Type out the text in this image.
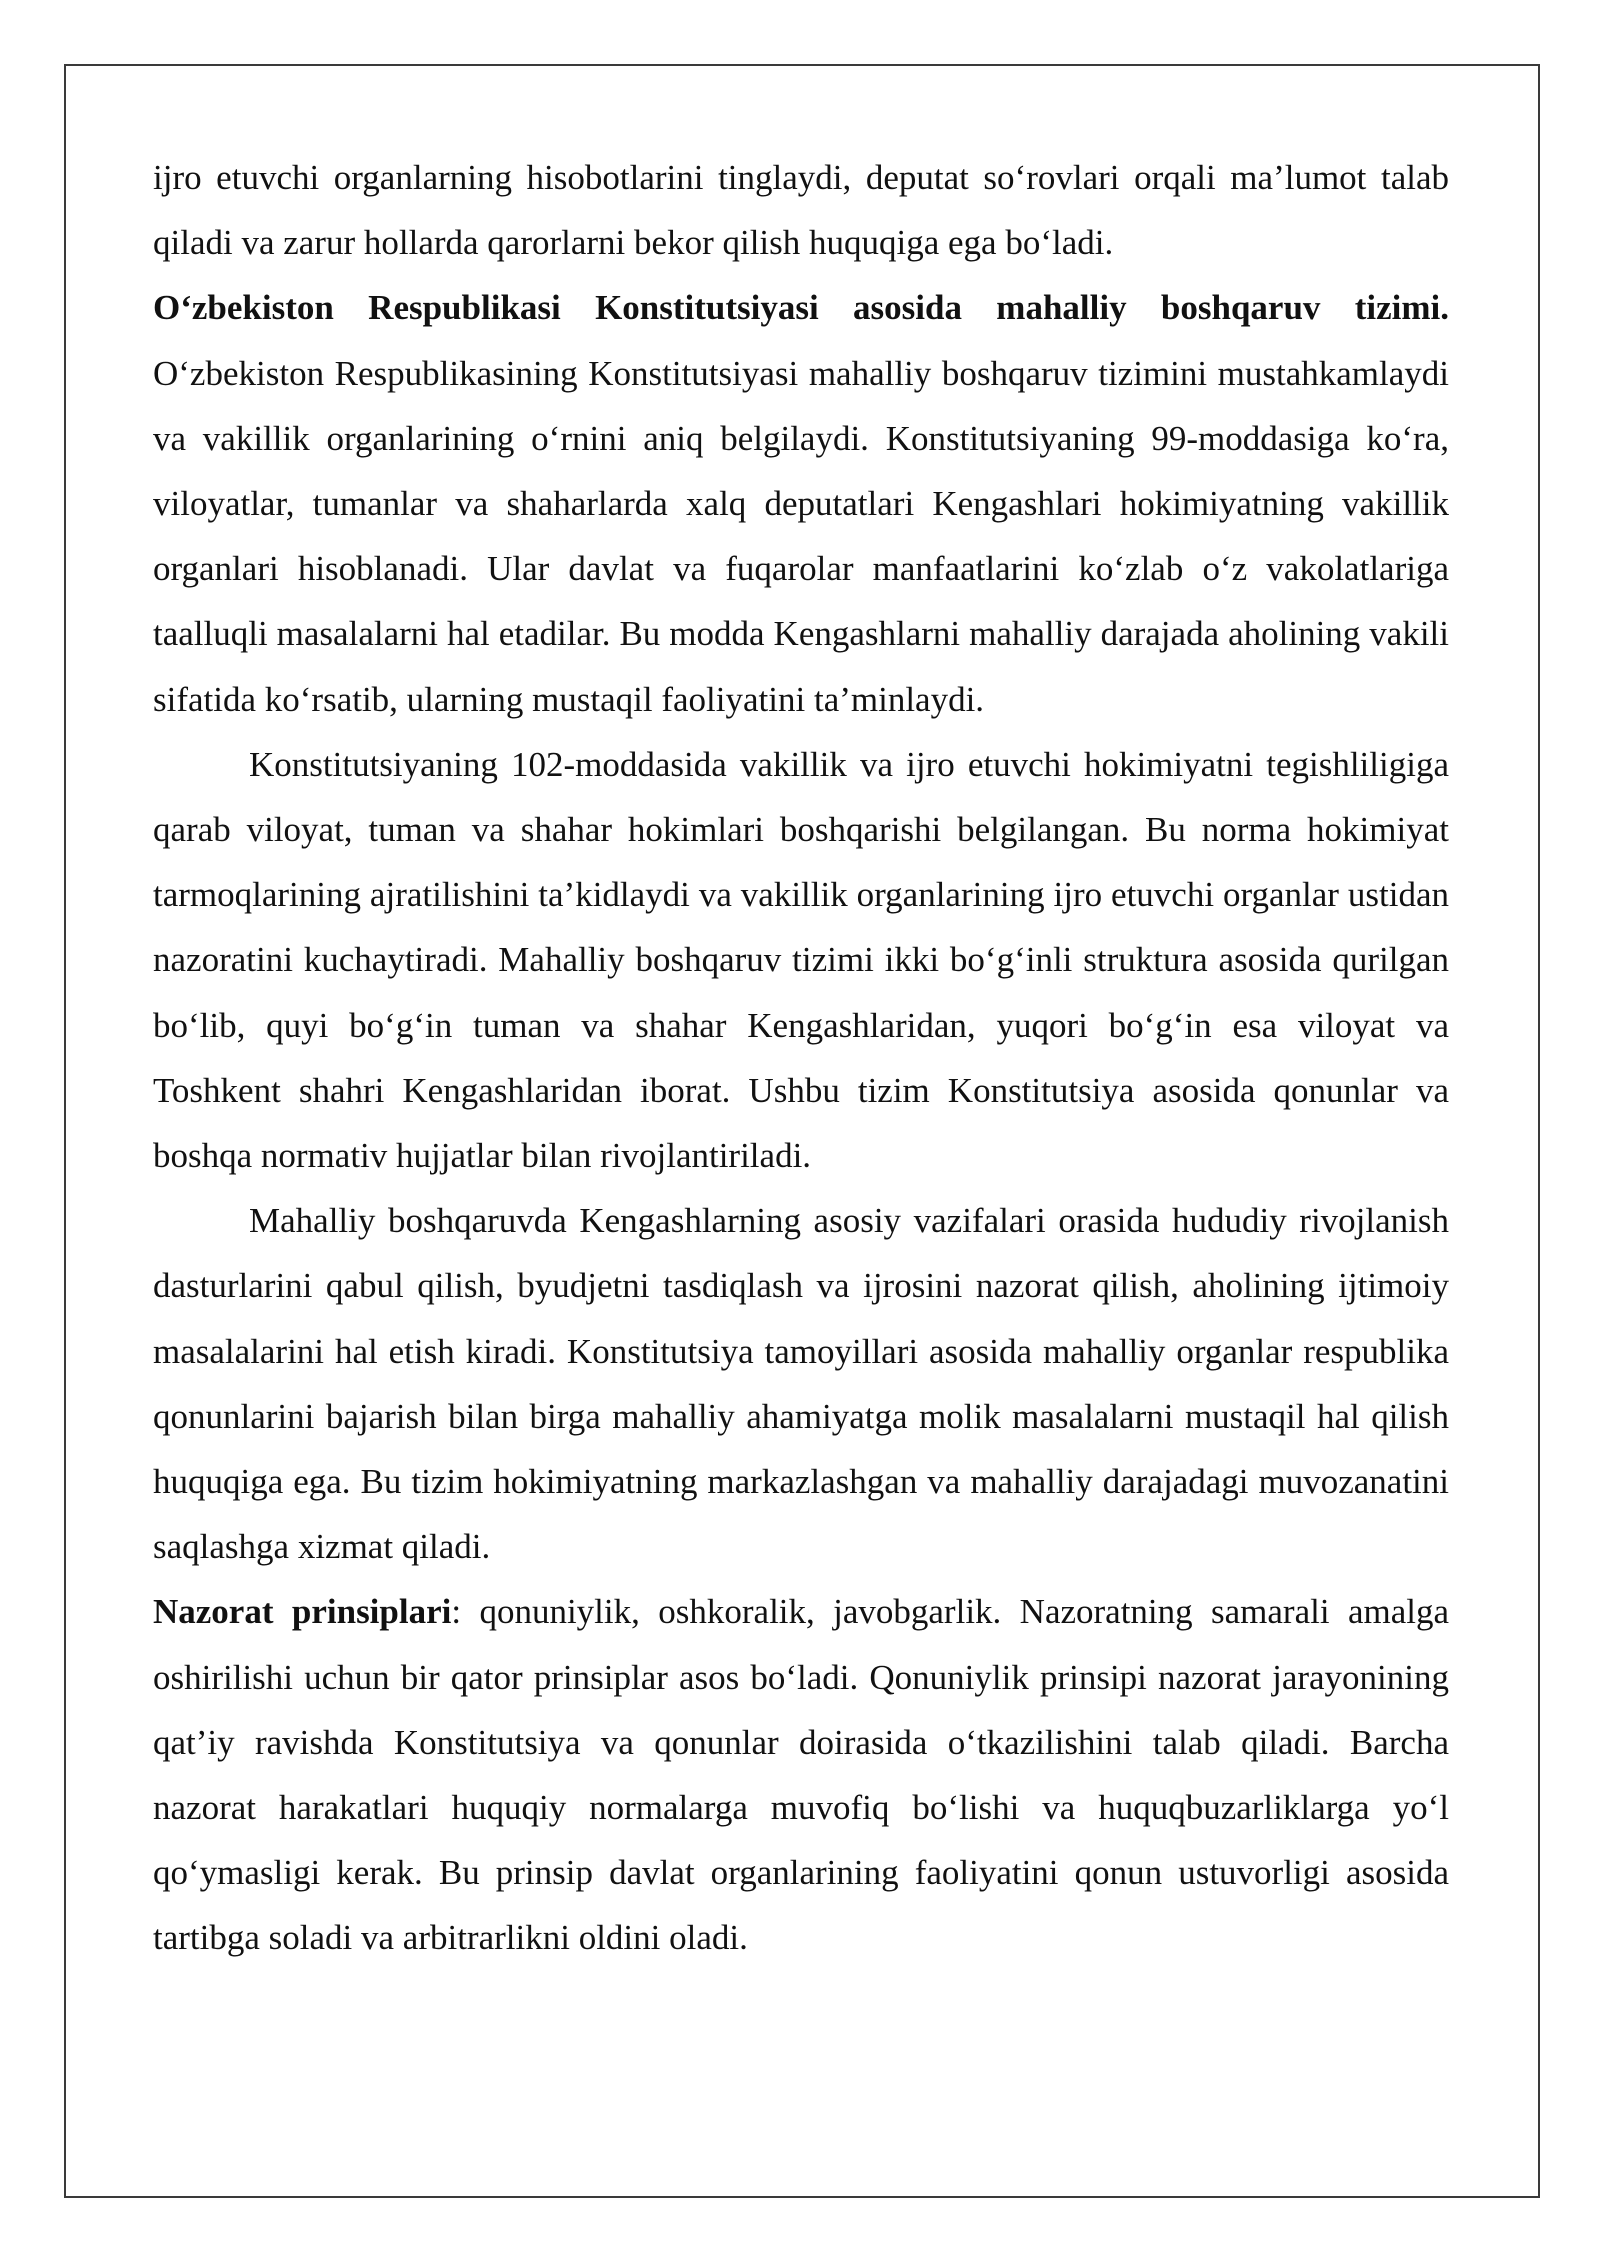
ijro etuvchi organlarning hisobotlarini tinglaydi, deputat so‘rovlari orqali ma’lumot talab qiladi va zarur hollarda qarorlarni bekor qilish huquqiga ega bo‘ladi.

O‘zbekiston Respublikasi Konstitutsiyasi asosida mahalliy boshqaruv tizimi. O‘zbekiston Respublikasining Konstitutsiyasi mahalliy boshqaruv tizimini mustahkamlaydi va vakillik organlarining o‘rnini aniq belgilaydi. Konstitutsiyaning 99-moddasiga ko‘ra, viloyatlar, tumanlar va shaharlarda xalq deputatlari Kengashlari hokimiyatning vakillik organlari hisoblanadi. Ular davlat va fuqarolar manfaatlarini ko‘zlab o‘z vakolatlariga taalluqli masalalarni hal etadilar. Bu modda Kengashlarni mahalliy darajada aholining vakili sifatida ko‘rsatib, ularning mustaqil faoliyatini ta’minlaydi.

Konstitutsiyaning 102-moddasida vakillik va ijro etuvchi hokimiyatni tegishliligiga qarab viloyat, tuman va shahar hokimlari boshqarishi belgilangan. Bu norma hokimiyat tarmoqlarining ajratilishini ta’kidlaydi va vakillik organlarining ijro etuvchi organlar ustidan nazoratini kuchaytiradi. Mahalliy boshqaruv tizimi ikki bo‘g‘inli struktura asosida qurilgan bo‘lib, quyi bo‘g‘in tuman va shahar Kengashlaridan, yuqori bo‘g‘in esa viloyat va Toshkent shahri Kengashlaridan iborat. Ushbu tizim Konstitutsiya asosida qonunlar va boshqa normativ hujjatlar bilan rivojlantiriladi.

Mahalliy boshqaruvda Kengashlarning asosiy vazifalari orasida hududiy rivojlanish dasturlarini qabul qilish, byudjetni tasdiqlash va ijrosini nazorat qilish, aholining ijtimoiy masalalarini hal etish kiradi. Konstitutsiya tamoyillari asosida mahalliy organlar respublika qonunlarini bajarish bilan birga mahalliy ahamiyatga molik masalalarni mustaqil hal qilish huquqiga ega. Bu tizim hokimiyatning markazlashgan va mahalliy darajadagi muvozanatini saqlashga xizmat qiladi.

Nazorat prinsiplari: qonuniylik, oshkoralik, javobgarlik. Nazoratning samarali amalga oshirilishi uchun bir qator prinsiplar asos bo‘ladi. Qonuniylik prinsipi nazorat jarayonining qat’iy ravishda Konstitutsiya va qonunlar doirasida o‘tkazilishini talab qiladi. Barcha nazorat harakatlari huquqiy normalarga muvofiq bo‘lishi va huquqbuzarliklarga yo‘l qo‘ymasligi kerak. Bu prinsip davlat organlarining faoliyatini qonun ustuvorligi asosida tartibga soladi va arbitrarlikni oldini oladi.
